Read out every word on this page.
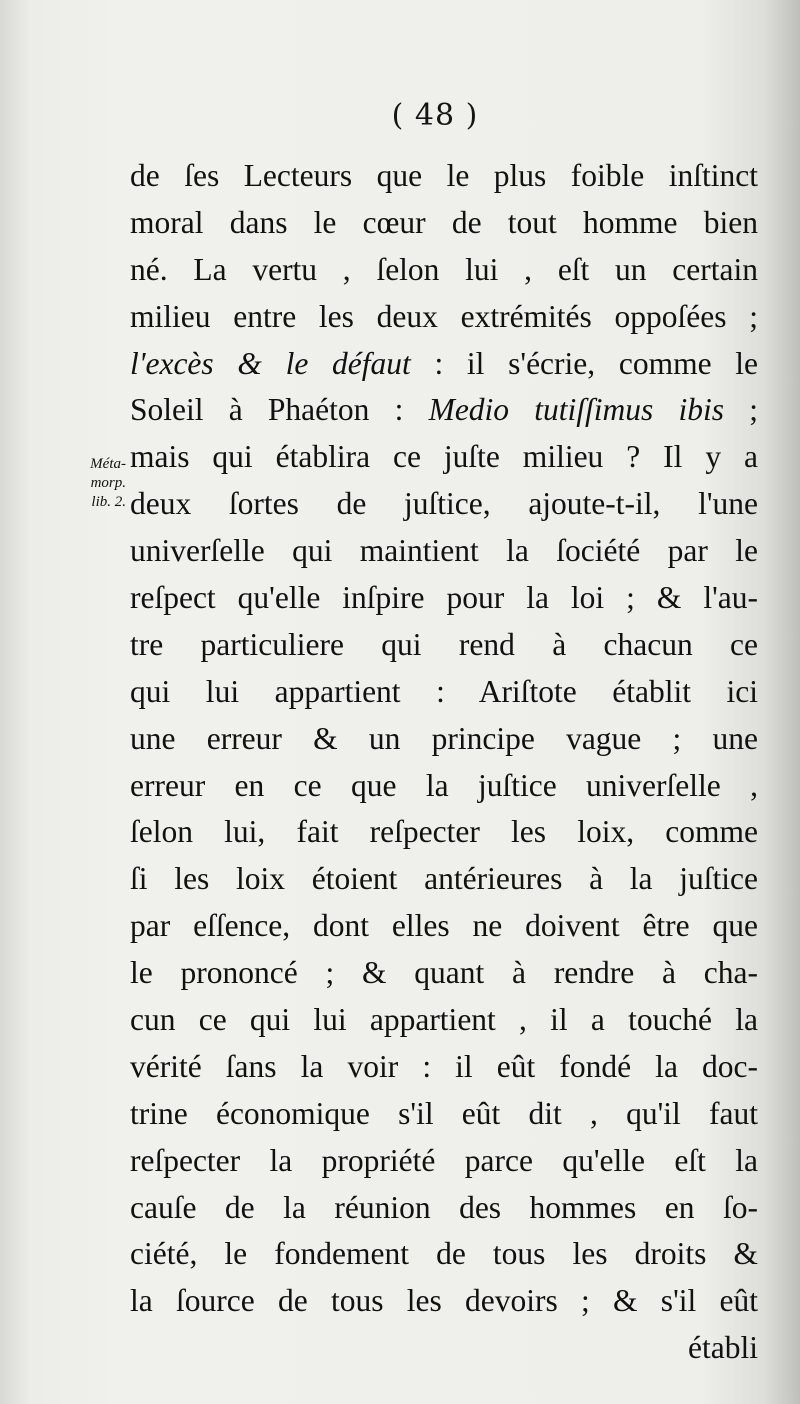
( 48 )
Méta-
morp.
lib. 2.
de ſes Lecteurs que le plus foible inſtinct
moral dans le cœur de tout homme bien
né. La vertu , ſelon lui , eſt un certain
milieu entre les deux extrémités oppoſées ;
l'excès & le défaut : il s'écrie, comme le
Soleil à Phaéton : Medio tutiſſimus ibis ;
mais qui établira ce juſte milieu ? Il y a
deux ſortes de juſtice, ajoute-t-il, l'une
univerſelle qui maintient la ſociété par le
reſpect qu'elle inſpire pour la loi ; & l'au-
tre particuliere qui rend à chacun ce
qui lui appartient : Ariſtote établit ici
une erreur & un principe vague ; une
erreur en ce que la juſtice univerſelle ,
ſelon lui, fait reſpecter les loix, comme
ſi les loix étoient antérieures à la juſtice
par eſſence, dont elles ne doivent être que
le prononcé ; & quant à rendre à cha-
cun ce qui lui appartient , il a touché la
vérité ſans la voir : il eût fondé la doc-
trine économique s'il eût dit , qu'il faut
reſpecter la propriété parce qu'elle eſt la
cauſe de la réunion des hommes en ſo-
ciété, le fondement de tous les droits &
la ſource de tous les devoirs ; & s'il eût
établi
